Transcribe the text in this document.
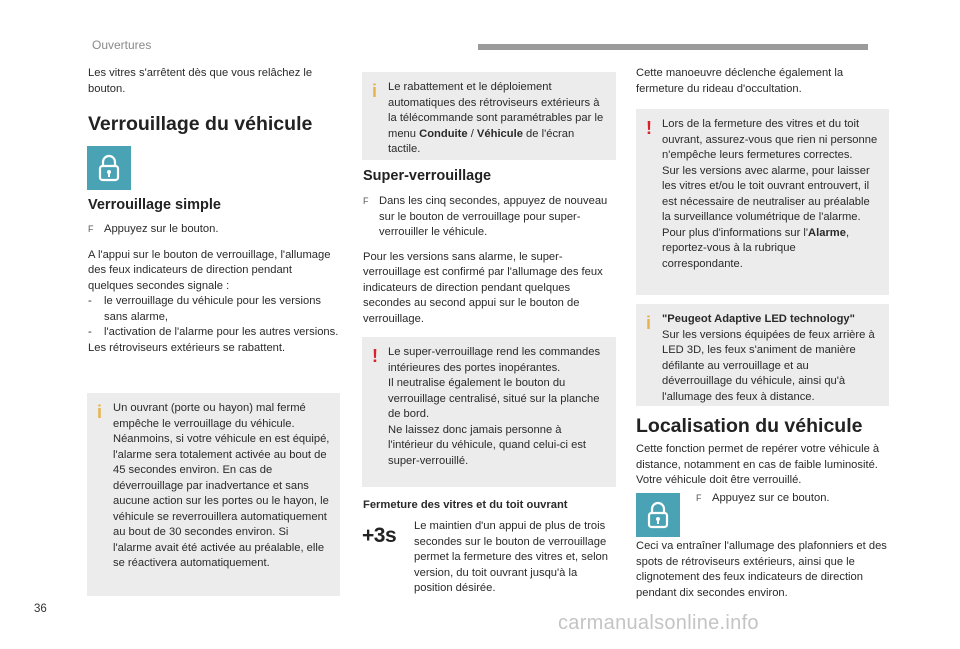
Ouvertures

Les vitres s'arrêtent dès que vous relâchez le bouton.

Verrouillage du véhicule
Verrouillage simple
F Appuyez sur le bouton.

A l'appui sur le bouton de verrouillage, l'allumage des feux indicateurs de direction pendant quelques secondes signale :

-	le verrouillage du véhicule pour les versions sans alarme,
-	l'activation de l'alarme pour les autres versions.

Les rétroviseurs extérieurs se rabattent.

i Un ouvrant (porte ou hayon) mal fermé empêche le verrouillage du véhicule. Néanmoins, si votre véhicule en est équipé, l'alarme sera totalement activée au bout de 45 secondes environ. En cas de déverrouillage par inadvertance et sans aucune action sur les portes ou le hayon, le véhicule se reverrouillera automatiquement au bout de 30 secondes environ. Si l'alarme avait été activée au préalable, elle se réactivera automatiquement.

i Le rabattement et le déploiement automatiques des rétroviseurs extérieurs à la télécommande sont paramétrables par le menu Conduite / Véhicule de l'écran tactile.

Super-verrouillage
F Dans les cinq secondes, appuyez de nouveau sur le bouton de verrouillage pour super-verrouiller le véhicule.

Pour les versions sans alarme, le super-verrouillage est confirmé par l'allumage des feux indicateurs de direction pendant quelques secondes au second appui sur le bouton de verrouillage.

! Le super-verrouillage rend les commandes intérieures des portes inopérantes.

Il neutralise également le bouton du verrouillage centralisé, situé sur la planche de bord.

Ne laissez donc jamais personne à l'intérieur du véhicule, quand celui-ci est super-verrouillé.

Fermeture des vitres et du toit ouvrant
+3s Le maintien d'un appui de plus de trois secondes sur le bouton de verrouillage permet la fermeture des vitres et, selon version, du toit ouvrant jusqu'à la position désirée.

Cette manoeuvre déclenche également la fermeture du rideau d'occultation.

! Lors de la fermeture des vitres et du toit ouvrant, assurez-vous que rien ni personne n'empêche leurs fermetures correctes.

Sur les versions avec alarme, pour laisser les vitres et/ou le toit ouvrant entrouvert, il est nécessaire de neutraliser au préalable la surveillance volumétrique de l'alarme.

Pour plus d'informations sur l'Alarme, reportez-vous à la rubrique correspondante.

i "Peugeot Adaptive LED technology"

Sur les versions équipées de feux arrière à LED 3D, les feux s'animent de manière défilante au verrouillage et au déverrouillage du véhicule, ainsi qu'à l'allumage des feux à distance.

Localisation du véhicule

Cette fonction permet de repérer votre véhicule à distance, notamment en cas de faible luminosité. Votre véhicule doit être verrouillé.

F Appuyez sur ce bouton.

Ceci va entraîner l'allumage des plafonniers et des spots de rétroviseurs extérieurs, ainsi que le clignotement des feux indicateurs de direction pendant dix secondes environ.

36
carmanualsonline.info
